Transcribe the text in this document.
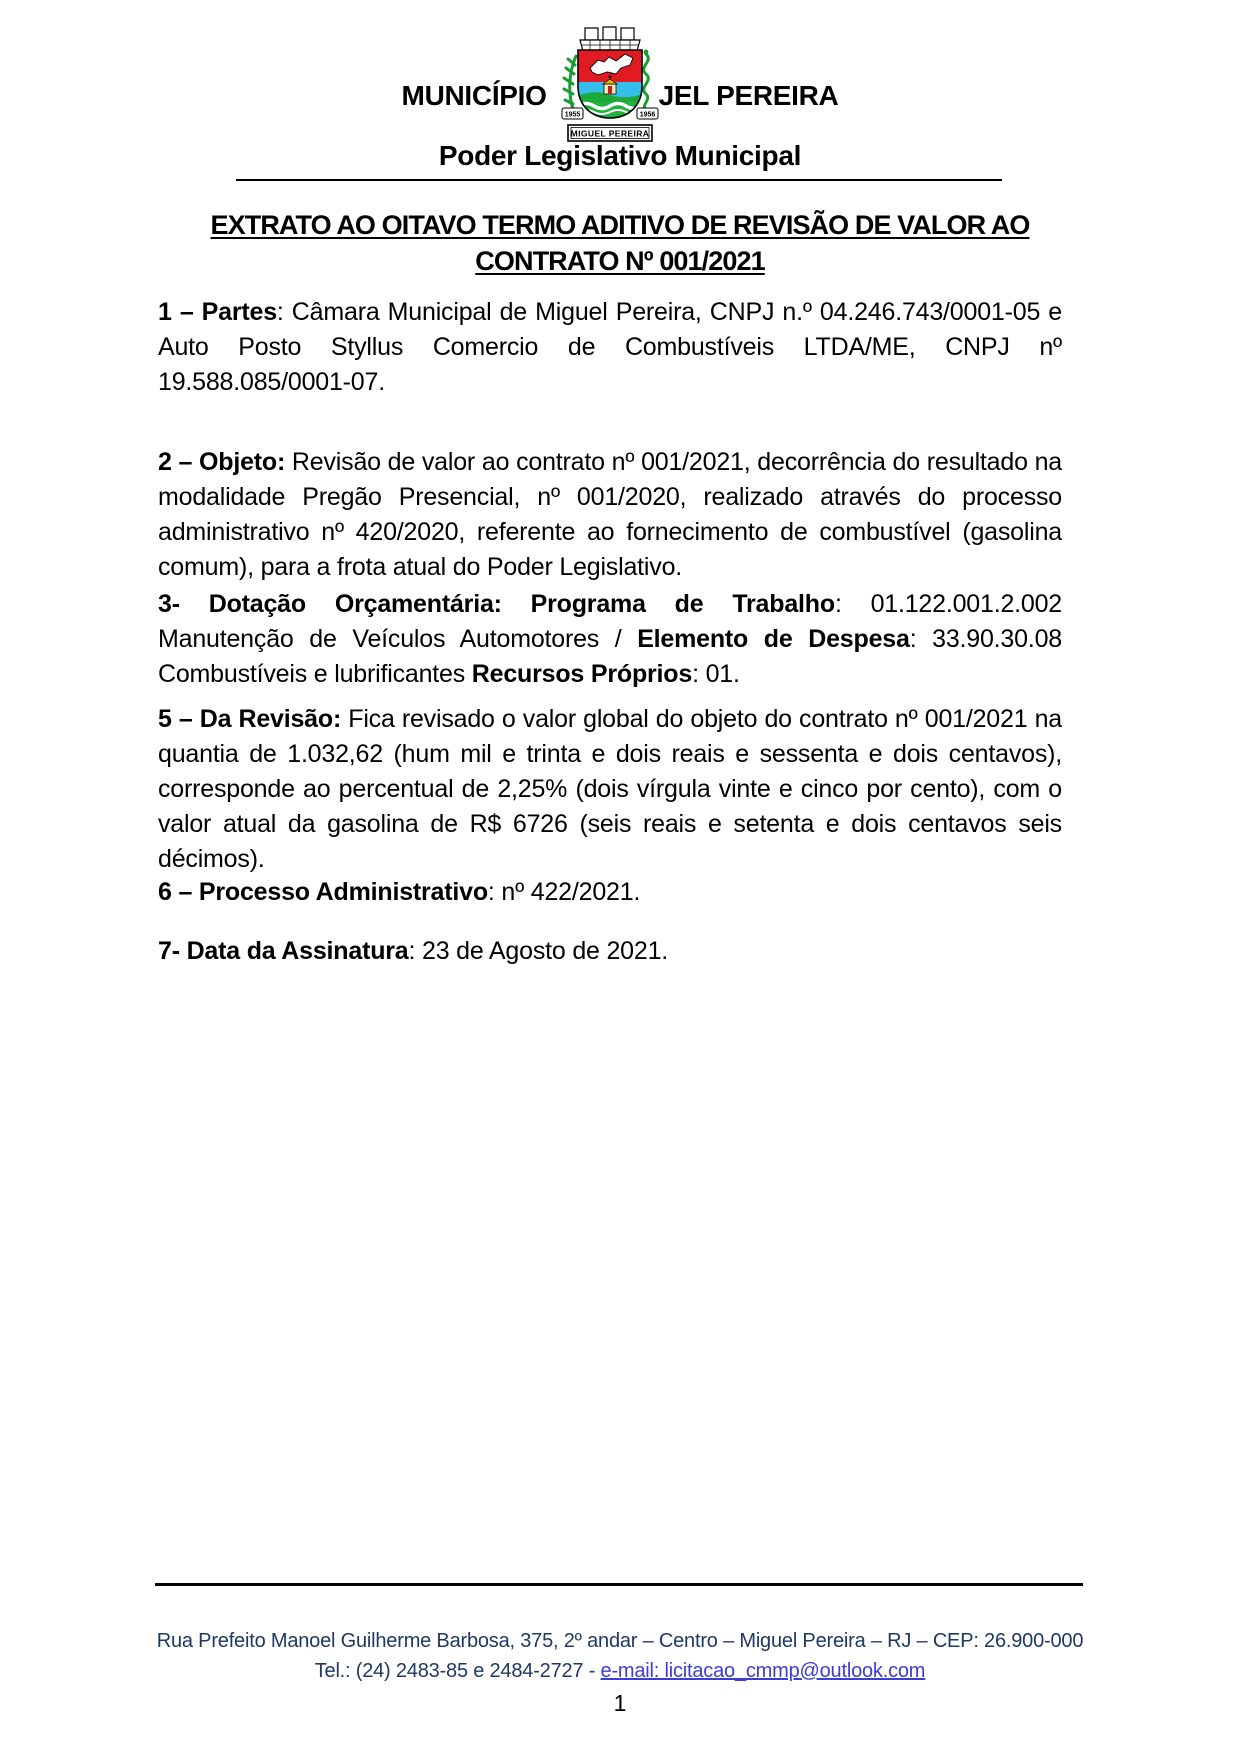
1955	1956
MIGUEL PEREIRA
MUNICÍPIO	JEL PEREIRA
Poder Legislativo Municipal
EXTRATO AO OITAVO TERMO ADITIVO DE REVISÃO DE VALOR AO
CONTRATO Nº 001/2021

1 – Partes: Câmara Municipal de Miguel Pereira, CNPJ n.º 04.246.743/0001-05 e Auto Posto Styllus Comercio de Combustíveis LTDA/ME, CNPJ nº 19.588.085/0001-07.

2 – Objeto: Revisão de valor ao contrato nº 001/2021, decorrência do resultado na modalidade Pregão Presencial, nº 001/2020, realizado através do processo administrativo nº 420/2020, referente ao fornecimento de combustível (gasolina comum), para a frota atual do Poder Legislativo.

3- Dotação Orçamentária: Programa de Trabalho: 01.122.001.2.002 Manutenção de Veículos Automotores / Elemento de Despesa: 33.90.30.08 Combustíveis e lubrificantes Recursos Próprios: 01.

5 – Da Revisão: Fica revisado o valor global do objeto do contrato nº 001/2021 na quantia de 1.032,62 (hum mil e trinta e dois reais e sessenta e dois centavos), corresponde ao percentual de 2,25% (dois vírgula vinte e cinco por cento), com o valor atual da gasolina de R$ 6726 (seis reais e setenta e dois centavos seis décimos).

6 – Processo Administrativo: nº 422/2021.

7- Data da Assinatura: 23 de Agosto de 2021.

Rua Prefeito Manoel Guilherme Barbosa, 375, 2º andar – Centro – Miguel Pereira – RJ – CEP: 26.900-000
Tel.: (24) 2483-85 e 2484-2727 - e-mail: licitacao_cmmp@outlook.com
1
